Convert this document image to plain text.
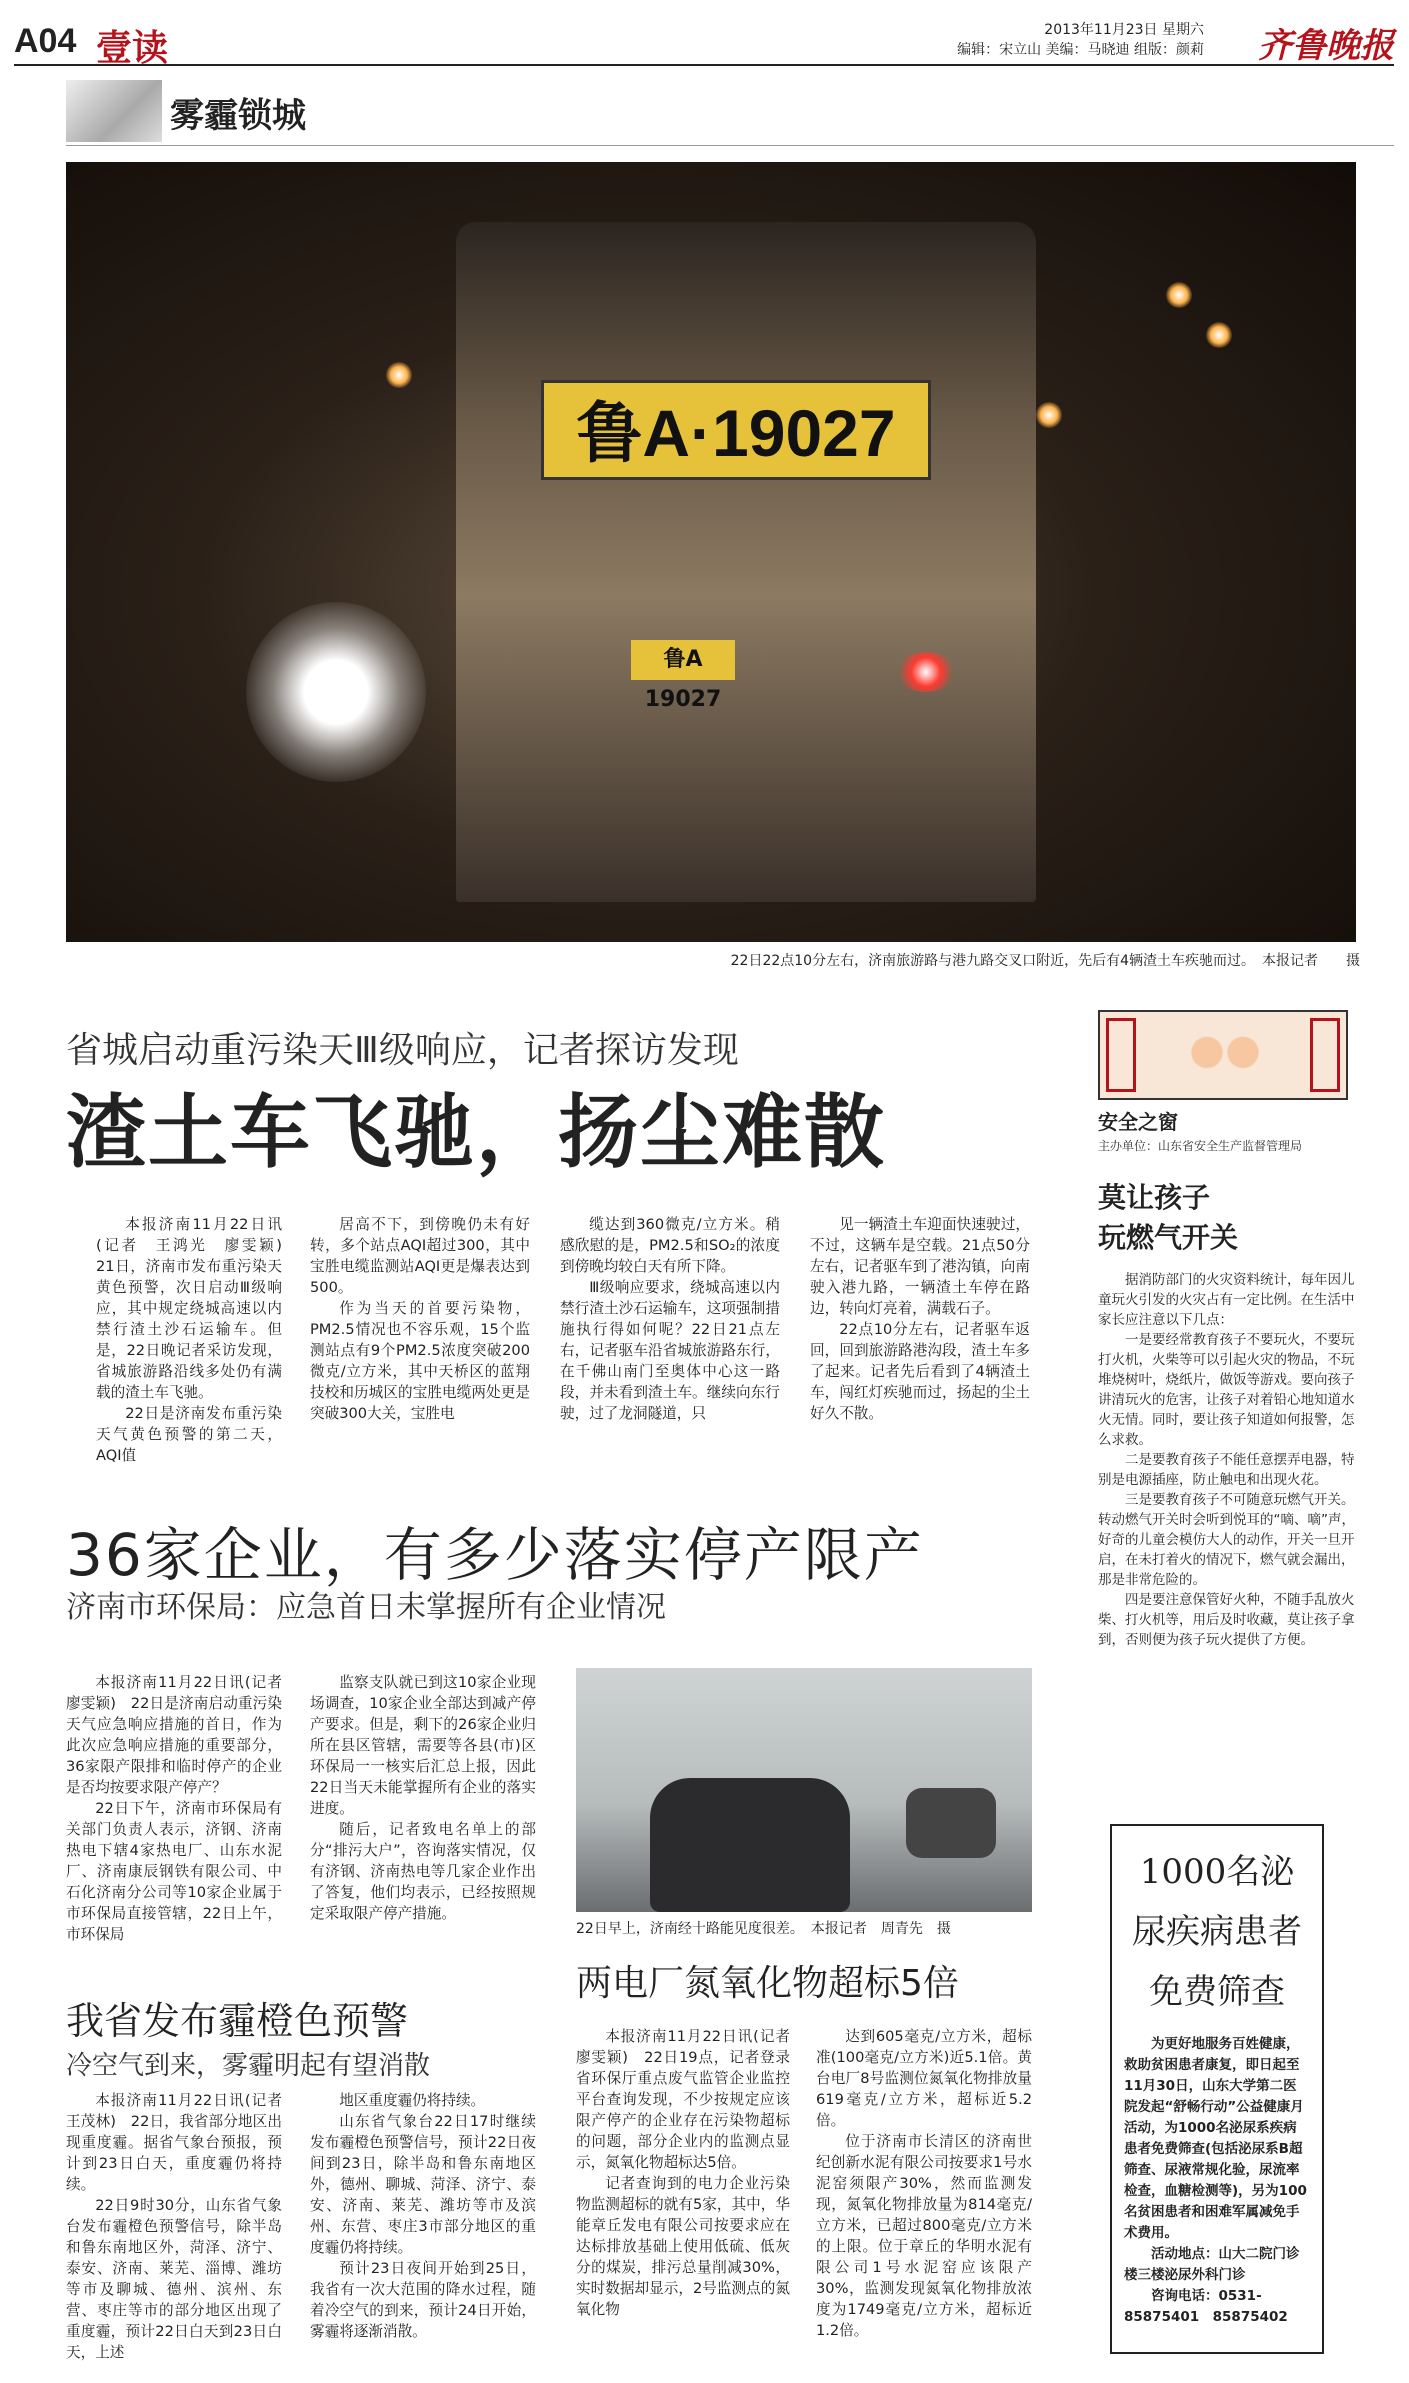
A04 壹读	2013年11月23日 星期六
编辑：宋立山 美编：马晓迪 组版：颜莉 齐鲁晚报
雾霾锁城
鲁A·19027
鲁A 19027
22日22点10分左右，济南旅游路与港九路交叉口附近，先后有4辆渣土车疾驰而过。　本报记者　　摄
省城启动重污染天Ⅲ级响应，记者探访发现
渣土车飞驰，扬尘难散

本报济南11月22日讯(记者　王鸿光　廖雯颖)　21日，济南市发布重污染天黄色预警，次日启动Ⅲ级响应，其中规定绕城高速以内禁行渣土沙石运输车。但是，22日晚记者采访发现，省城旅游路沿线多处仍有满载的渣土车飞驰。

22日是济南发布重污染天气黄色预警的第二天，AQI值

居高不下，到傍晚仍未有好转，多个站点AQI超过300，其中宝胜电缆监测站AQI更是爆表达到500。

作为当天的首要污染物，PM2.5情况也不容乐观，15个监测站点有9个PM2.5浓度突破200微克/立方米，其中天桥区的蓝翔技校和历城区的宝胜电缆两处更是突破300大关，宝胜电

缆达到360微克/立方米。稍感欣慰的是，PM2.5和SO₂的浓度到傍晚均较白天有所下降。

Ⅲ级响应要求，绕城高速以内禁行渣土沙石运输车，这项强制措施执行得如何呢？22日21点左右，记者驱车沿省城旅游路东行，在千佛山南门至奥体中心这一路段，并未看到渣土车。继续向东行驶，过了龙洞隧道，只

见一辆渣土车迎面快速驶过，不过，这辆车是空载。21点50分左右，记者驱车到了港沟镇，向南驶入港九路，一辆渣土车停在路边，转向灯亮着，满载石子。

22点10分左右，记者驱车返回，回到旅游路港沟段，渣土车多了起来。记者先后看到了4辆渣土车，闯红灯疾驰而过，扬起的尘土好久不散。

36家企业，有多少落实停产限产
济南市环保局：应急首日未掌握所有企业情况

本报济南11月22日讯(记者　廖雯颖)　22日是济南启动重污染天气应急响应措施的首日，作为此次应急响应措施的重要部分，36家限产限排和临时停产的企业是否均按要求限产停产？

22日下午，济南市环保局有关部门负责人表示，济钢、济南热电下辖4家热电厂、山东水泥厂、济南康辰钢铁有限公司、中石化济南分公司等10家企业属于市环保局直接管辖，22日上午，市环保局

监察支队就已到这10家企业现场调查，10家企业全部达到减产停产要求。但是，剩下的26家企业归所在县区管辖，需要等各县(市)区环保局一一核实后汇总上报，因此22日当天未能掌握所有企业的落实进度。

随后，记者致电名单上的部分“排污大户”，咨询落实情况，仅有济钢、济南热电等几家企业作出了答复，他们均表示，已经按照规定采取限产停产措施。

22日早上，济南经十路能见度很差。　本报记者　周青先　摄
我省发布霾橙色预警
冷空气到来，雾霾明起有望消散

本报济南11月22日讯(记者　王茂林)　22日，我省部分地区出现重度霾。据省气象台预报，预计到23日白天，重度霾仍将持续。

22日9时30分，山东省气象台发布霾橙色预警信号，除半岛和鲁东南地区外，菏泽、济宁、泰安、济南、莱芜、淄博、潍坊等市及聊城、德州、滨州、东营、枣庄等市的部分地区出现了重度霾，预计22日白天到23日白天，上述

地区重度霾仍将持续。

山东省气象台22日17时继续发布霾橙色预警信号，预计22日夜间到23日，除半岛和鲁东南地区外，德州、聊城、菏泽、济宁、泰安、济南、莱芜、潍坊等市及滨州、东营、枣庄3市部分地区的重度霾仍将持续。

预计23日夜间开始到25日，我省有一次大范围的降水过程，随着冷空气的到来，预计24日开始，雾霾将逐渐消散。

两电厂氮氧化物超标5倍

本报济南11月22日讯(记者　廖雯颖)　22日19点，记者登录省环保厅重点废气监管企业监控平台查询发现，不少按规定应该限产停产的企业存在污染物超标的问题，部分企业内的监测点显示，氮氧化物超标达5倍。

记者查询到的电力企业污染物监测超标的就有5家，其中，华能章丘发电有限公司按要求应在达标排放基础上使用低硫、低灰分的煤炭，排污总量削减30%，实时数据却显示，2号监测点的氮氧化物

达到605毫克/立方米，超标准(100毫克/立方米)近5.1倍。黄台电厂8号监测位氮氧化物排放量619毫克/立方米，超标近5.2倍。

位于济南市长清区的济南世纪创新水泥有限公司按要求1号水泥窑须限产30%，然而监测发现，氮氧化物排放量为814毫克/立方米，已超过800毫克/立方米的上限。位于章丘的华明水泥有限公司1号水泥窑应该限产30%，监测发现氮氧化物排放浓度为1749毫克/立方米，超标近1.2倍。

安全之窗
主办单位：山东省安全生产监督管理局
莫让孩子
玩燃气开关

据消防部门的火灾资料统计，每年因儿童玩火引发的火灾占有一定比例。在生活中家长应注意以下几点：

一是要经常教育孩子不要玩火，不要玩打火机，火柴等可以引起火灾的物品，不玩堆烧树叶，烧纸片，做饭等游戏。要向孩子讲清玩火的危害，让孩子对着铅心地知道水火无情。同时，要让孩子知道如何报警，怎么求救。

二是要教育孩子不能任意摆弄电器，特别是电源插座，防止触电和出现火花。

三是要教育孩子不可随意玩燃气开关。转动燃气开关时会听到悦耳的“嘀、嘀”声，好奇的儿童会模仿大人的动作，开关一旦开启，在未打着火的情况下，燃气就会漏出，那是非常危险的。

四是要注意保管好火种，不随手乱放火柴、打火机等，用后及时收藏，莫让孩子拿到，否则便为孩子玩火提供了方便。

1000名泌尿疾病患者免费筛查

为更好地服务百姓健康，救助贫困患者康复，即日起至11月30日，山东大学第二医院发起“舒畅行动”公益健康月活动，为1000名泌尿系疾病患者免费筛查(包括泌尿系B超筛查、尿液常规化验，尿流率检查，血糖检测等)，另为100名贫困患者和困难军属减免手术费用。

活动地点：山大二院门诊楼三楼泌尿外科门诊

咨询电话：0531-85875401　85875402
